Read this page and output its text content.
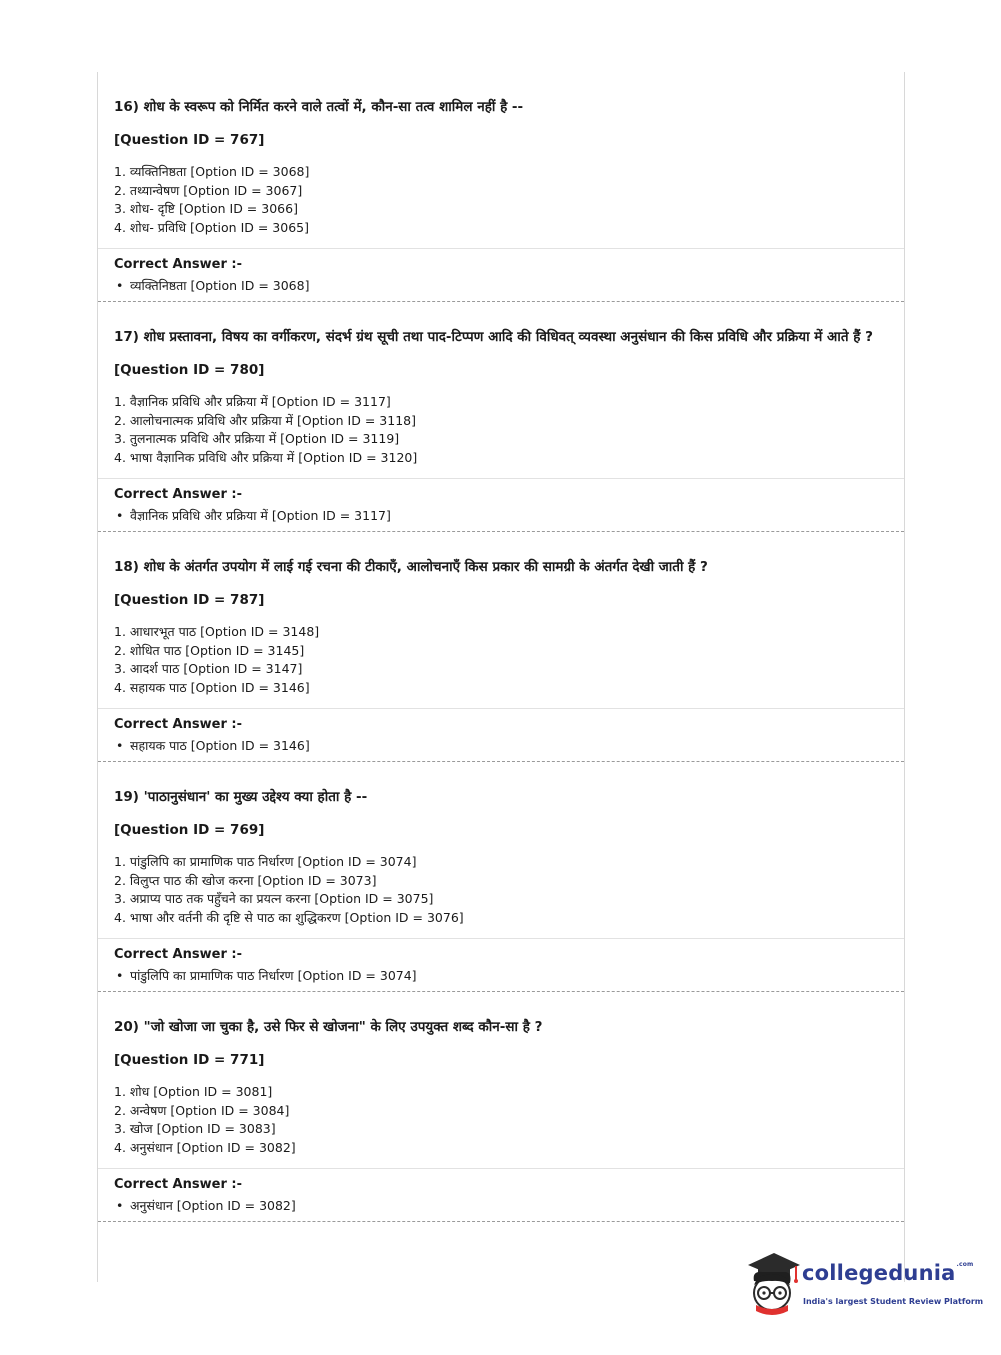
16) शोध के स्वरूप को निर्मित करने वाले तत्वों में, कौन-सा तत्व शामिल नहीं है --

[Question ID = 767]

1. व्यक्तिनिष्ठता [Option ID = 3068]
2. तथ्यान्वेषण [Option ID = 3067]
3. शोध- दृष्टि [Option ID = 3066]
4. शोध- प्रविधि [Option ID = 3065]
Correct Answer :-
• व्यक्तिनिष्ठता [Option ID = 3068]

17) शोध प्रस्तावना, विषय का वर्गीकरण, संदर्भ ग्रंथ सूची तथा पाद-टिप्पण आदि की विधिवत् व्यवस्था अनुसंधान की किस प्रविधि और प्रक्रिया में आते हैं ?

[Question ID = 780]

1. वैज्ञानिक प्रविधि और प्रक्रिया में [Option ID = 3117]
2. आलोचनात्मक प्रविधि और प्रक्रिया में [Option ID = 3118]
3. तुलनात्मक प्रविधि और प्रक्रिया में [Option ID = 3119]
4. भाषा वैज्ञानिक प्रविधि और प्रक्रिया में [Option ID = 3120]
Correct Answer :-
• वैज्ञानिक प्रविधि और प्रक्रिया में [Option ID = 3117]

18) शोध के अंतर्गत उपयोग में लाई गई रचना की टीकाएँ, आलोचनाएँ किस प्रकार की सामग्री के अंतर्गत देखी जाती हैं ?

[Question ID = 787]

1. आधारभूत पाठ [Option ID = 3148]
2. शोधित पाठ [Option ID = 3145]
3. आदर्श पाठ [Option ID = 3147]
4. सहायक पाठ [Option ID = 3146]
Correct Answer :-
• सहायक पाठ [Option ID = 3146]

19) 'पाठानुसंधान' का मुख्य उद्देश्य क्या होता है --

[Question ID = 769]

1. पांडुलिपि का प्रामाणिक पाठ निर्धारण [Option ID = 3074]
2. विलुप्त पाठ की खोज करना [Option ID = 3073]
3. अप्राप्य पाठ तक पहुँचने का प्रयत्न करना [Option ID = 3075]
4. भाषा और वर्तनी की दृष्टि से पाठ का शुद्धिकरण [Option ID = 3076]
Correct Answer :-
• पांडुलिपि का प्रामाणिक पाठ निर्धारण [Option ID = 3074]

20) "जो खोजा जा चुका है, उसे फिर से खोजना" के लिए उपयुक्त शब्द कौन-सा है ?

[Question ID = 771]

1. शोध [Option ID = 3081]
2. अन्वेषण [Option ID = 3084]
3. खोज [Option ID = 3083]
4. अनुसंधान [Option ID = 3082]
Correct Answer :-
• अनुसंधान [Option ID = 3082]
collegedunia$^{.com}$
India's largest Student Review Platform
